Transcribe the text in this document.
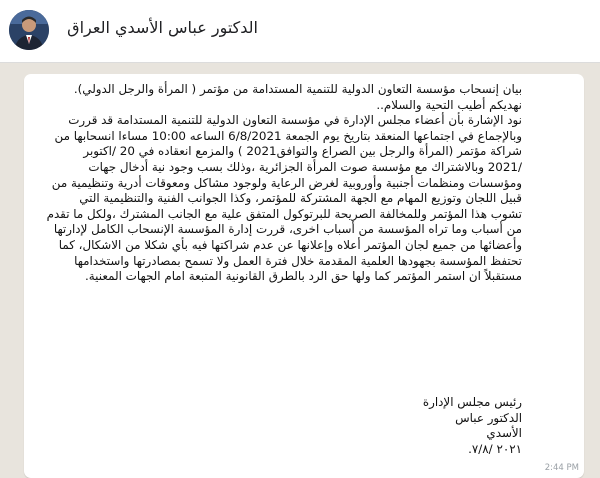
الدكتور عباس الأسدي العراق

بيان إنسحاب مؤسسة التعاون الدولية للتنمية المستدامة من مؤتمر ( المرأة والرجل الدولي).

نهديكم أطيب التحية والسلام..

نود الإشارة بأن أعضاء مجلس الإدارة في مؤسسة التعاون الدولية للتنمية المستدامة قد قررت وبالإجماع في اجتماعها المنعقد بتاريخ يوم الجمعة 6/8/2021 الساعه 10:00 مساءا انسحابها من شراكة مؤتمر (المرأة والرجل بين الصراع والتوافق2021 ) والمزمع انعقاده في 20 /اكتوبر /2021 وبالاشتراك مع مؤسسة صوت المرأة الجزائرية ،وذلك بسب وجود نية أدخال جهات ومؤسسات ومنظمات أجنبية وأوروبية لغرض الرعاية ولوجود مشاكل ومعوقات أدرية وتنظيمية من قبيل اللجان وتوزيع المهام مع الجهة المشتركة للمؤتمر، وكذا الجوانب الفنية والتنظيمية التي تشوب هذا المؤتمر وللمخالفة الصريحة للبرتوكول المتفق علية مع الجانب المشترك ،ولكل ما تقدم من أسباب وما تراه المؤسسة من أسباب اخرى، قررت إدارة المؤسسة الإنسحاب الكامل لإدارتها وأعضائها من جميع لجان المؤتمر أعلاه وإعلانها عن عدم شراكتها فيه بأي شكلا من الاشكال، كما تحتفظ المؤسسة بجهودها العلمية المقدمة خلال فترة العمل ولا تسمح بمصادرتها واستخدامها مستقبلاً ان استمر المؤتمر كما ولها حق الرد بالطرق القانونية المتبعة امام الجهات المعنية.

رئيس مجلس الإدارة

الدكتور عباس الأسدي

٢٠٢١ /٧/٨.

2:44 PM
